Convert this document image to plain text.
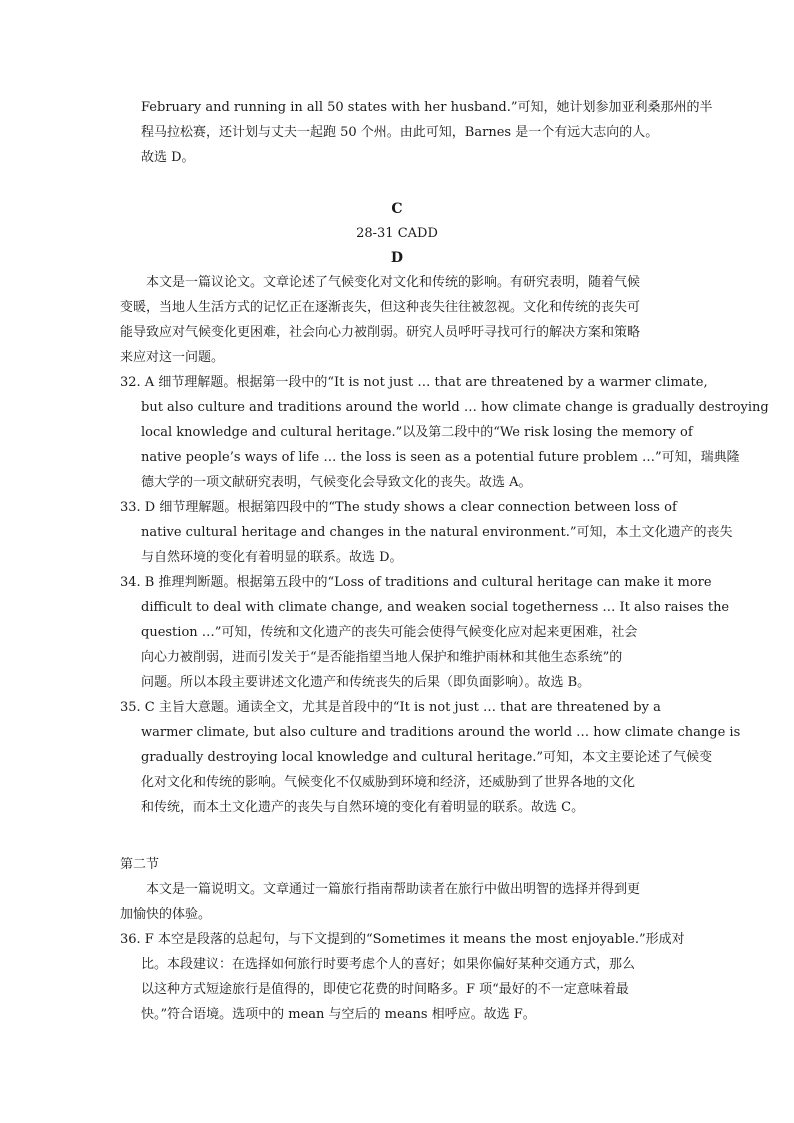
February and running in all 50 states with her husband.”可知，她计划参加亚利桑那州的半
程马拉松赛，还计划与丈夫一起跑 50 个州。由此可知，Barnes 是一个有远大志向的人。
故选 D。
C
28-31 CADD
D
本文是一篇议论文。文章论述了气候变化对文化和传统的影响。有研究表明，随着气候
变暖，当地人生活方式的记忆正在逐渐丧失，但这种丧失往往被忽视。文化和传统的丧失可
能导致应对气候变化更困难，社会向心力被削弱。研究人员呼吁寻找可行的解决方案和策略
来应对这一问题。
32. A 细节理解题。根据第一段中的“It is not just … that are threatened by a warmer climate,
but also culture and traditions around the world … how climate change is gradually destroying
local knowledge and cultural heritage.”以及第二段中的“We risk losing the memory of
native people’s ways of life … the loss is seen as a potential future problem …”可知，瑞典隆
德大学的一项文献研究表明，气候变化会导致文化的丧失。故选 A。
33. D 细节理解题。根据第四段中的“The study shows a clear connection between loss of
native cultural heritage and changes in the natural environment.”可知，本土文化遗产的丧失
与自然环境的变化有着明显的联系。故选 D。
34. B 推理判断题。根据第五段中的“Loss of traditions and cultural heritage can make it more
difficult to deal with climate change, and weaken social togetherness … It also raises the
question …”可知，传统和文化遗产的丧失可能会使得气候变化应对起来更困难，社会
向心力被削弱，进而引发关于“是否能指望当地人保护和维护雨林和其他生态系统”的
问题。所以本段主要讲述文化遗产和传统丧失的后果（即负面影响）。故选 B。
35. C 主旨大意题。通读全文，尤其是首段中的“It is not just … that are threatened by a
warmer climate, but also culture and traditions around the world … how climate change is
gradually destroying local knowledge and cultural heritage.”可知，本文主要论述了气候变
化对文化和传统的影响。气候变化不仅威胁到环境和经济，还威胁到了世界各地的文化
和传统，而本土文化遗产的丧失与自然环境的变化有着明显的联系。故选 C。
第二节
本文是一篇说明文。文章通过一篇旅行指南帮助读者在旅行中做出明智的选择并得到更
加愉快的体验。
36. F 本空是段落的总起句，与下文提到的“Sometimes it means the most enjoyable.”形成对
比。本段建议：在选择如何旅行时要考虑个人的喜好；如果你偏好某种交通方式，那么
以这种方式短途旅行是值得的，即使它花费的时间略多。F 项“最好的不一定意味着最
快。”符合语境。选项中的 mean 与空后的 means 相呼应。故选 F。
